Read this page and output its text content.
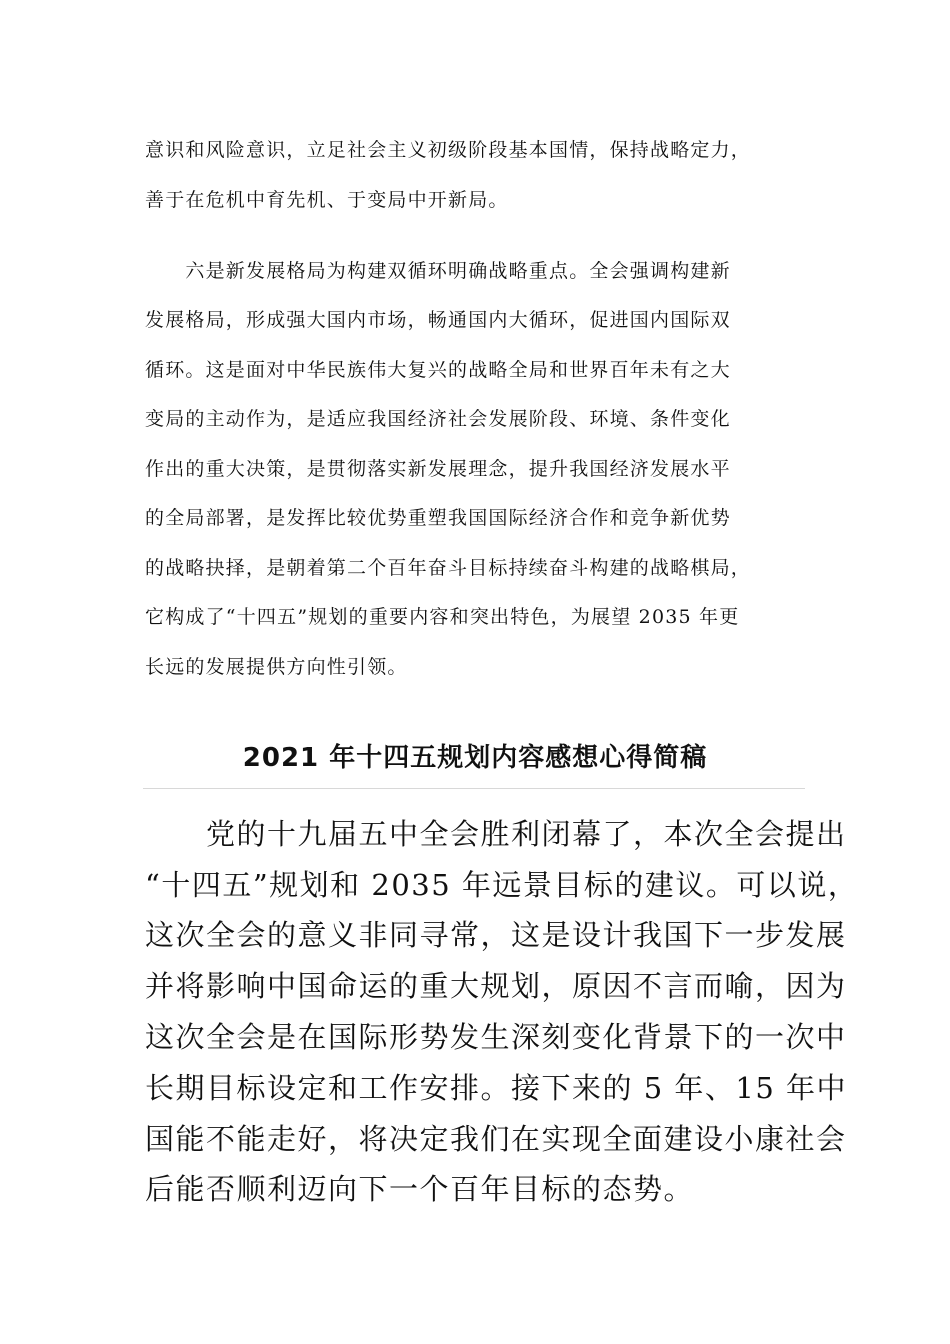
意识和风险意识，立足社会主义初级阶段基本国情，保持战略定力，
善于在危机中育先机、于变局中开新局。
　　六是新发展格局为构建双循环明确战略重点。全会强调构建新
发展格局，形成强大国内市场，畅通国内大循环，促进国内国际双
循环。这是面对中华民族伟大复兴的战略全局和世界百年未有之大
变局的主动作为，是适应我国经济社会发展阶段、环境、条件变化
作出的重大决策，是贯彻落实新发展理念，提升我国经济发展水平
的全局部署，是发挥比较优势重塑我国国际经济合作和竞争新优势
的战略抉择，是朝着第二个百年奋斗目标持续奋斗构建的战略棋局，
它构成了“十四五”规划的重要内容和突出特色，为展望 2035 年更
长远的发展提供方向性引领。
2021 年十四五规划内容感想心得简稿
　　党的十九届五中全会胜利闭幕了，本次全会提出
“十四五”规划和 2035 年远景目标的建议。可以说，
这次全会的意义非同寻常，这是设计我国下一步发展
并将影响中国命运的重大规划，原因不言而喻，因为
这次全会是在国际形势发生深刻变化背景下的一次中
长期目标设定和工作安排。接下来的 5 年、15 年中
国能不能走好，将决定我们在实现全面建设小康社会
后能否顺利迈向下一个百年目标的态势。
